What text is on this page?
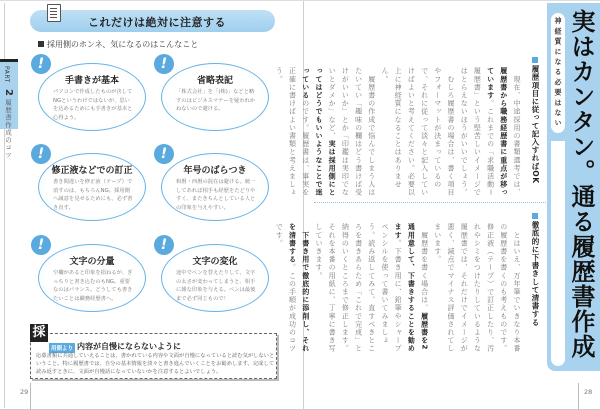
PART
2
履歴書作成のコツ
これだけは絶対に注意する
採用側のホンネ、気になるのはこんなこと
!
手書きが基本
パソコンで作成したものが決してNGというわけではないが、思いを込めるためにも手書きが基本と心得よう。
!
省略表記
「株式会社」を「(株)」などと略すのはビジネスマナーを疑われかねないので避ける。
!
修正液などでの訂正
書き間違いを修正液（テープ）で消すのは、もちろんNG。採用側へ誠意を見せるためにも、必ず書き直す。
!
年号のばらつき
和暦・西暦の混在は避ける。統一してあれば相手も経歴をたどりやすく、またきちんとしている人との印象を与えやすい。
!
文字の分量
空欄があると印象を損ねるが、ぎっちりと書き込むのもNG。重要なのはバランス。どうしても書きたいことは職務経歴書へ。
!
文字の変化
途中でペンを替えたりして、文字の太さが変わってしまうと、相手に雑な印象を与える。ペンは最後まで必ず同じもので！
採
用側より 内容が自慢にならないように
応募書類に共通していえることは、書かれている内容や文面が自慢になっていると読む気がしないということ。特に履歴書では、自分の基本情報を淡々と書き進んでいくことをお勧めします。完成して読み返すときに、文面が自慢話になっていないかを注意するとよいでしょう。
29
神経質になる必要はない 実はカンタン。通る履歴書作成
履歴項目に従って記入すればOK
　現在、中途採用の書類選考では、履歴書から職務経歴書に重点が移っています。これまでの「求職活動＝履歴書」という堅苦しいイメージではとらえないほうがいいでしょう。
　むしろ履歴書の場合は、書く項目やフォーマットが決まっているので、それに従って淡々と記入していけばよいと考えてください。必要以上に神経質になることはありません。
　履歴書の作成で悩んでしまう人はたいてい「趣味の欄はどう書けば受けがいいか」とか「印鑑は実印でないとダメか」など、実は採用側にとってはどうでもいいようなことで迷っているのです。履歴書は、事実を正確に書けばよい書類と考えましょう。
徹底的に下書きして清書する
　とはいえ、万年筆でいきなり本番の履歴書を書くのも考えものです。修正液（テープ）で訂正したり、汚れやシミをつけたりしているような履歴書では、それだけでイメージが悪く、減点でマイナス評価されてしまいます。
　履歴書を書く場合は、履歴書を2通用意して、下書きすることを勧めます。下書き用に、鉛筆やシャープペンシルを使って書いてみましょう。読み返してみて、直すべきところを書きあらため「これで完成」と納得のいくところまで修正します。それを本番の用紙に、丁寧に書き写していきます。
　下書き用で徹底的に添削し、それを清書する。この手順が成功のコツです。
28
